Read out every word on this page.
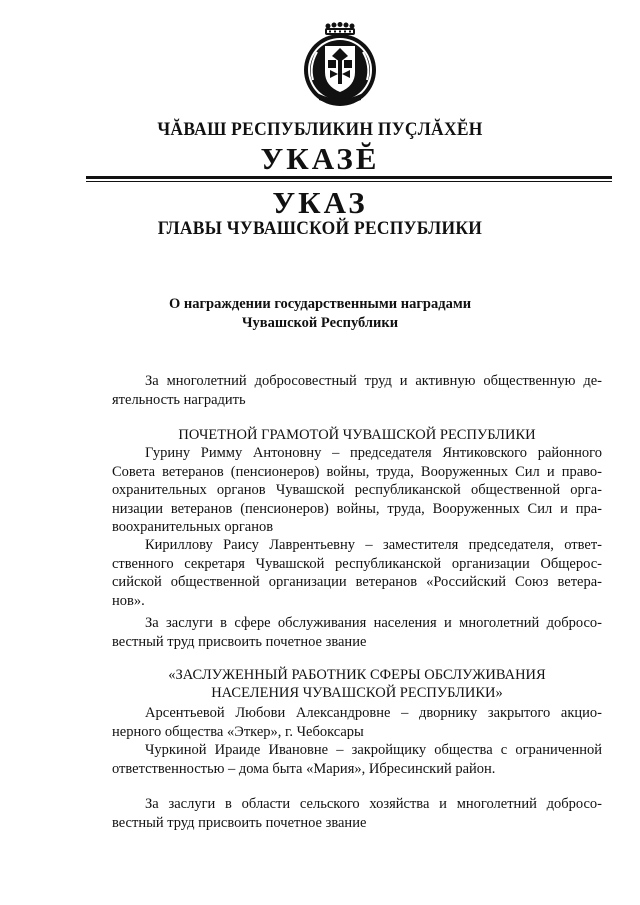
ЧĂВАШ РЕСПУБЛИКИН ПУÇЛĂХĔН
УКАЗĔ
УКАЗ
ГЛАВЫ ЧУВАШСКОЙ РЕСПУБЛИКИ
О награждении государственными наградами
Чувашской Республики
За многолетний добросовестный труд и активную общественную де-
ятельность наградить
ПОЧЕТНОЙ ГРАМОТОЙ ЧУВАШСКОЙ РЕСПУБЛИКИ
Гурину Римму Антоновну – председателя Янтиковского районного
Совета ветеранов (пенсионеров) войны, труда, Вооруженных Сил и право-
охранительных органов Чувашской республиканской общественной орга-
низации ветеранов (пенсионеров) войны, труда, Вооруженных Сил и пра-
воохранительных органов
Кириллову Раису Лаврентьевну – заместителя председателя, ответ-
ственного секретаря Чувашской республиканской организации Общерос-
сийской общественной организации ветеранов «Российский Союз ветера-
нов».
За заслуги в сфере обслуживания населения и многолетний добросо-
вестный труд присвоить почетное звание
«ЗАСЛУЖЕННЫЙ РАБОТНИК СФЕРЫ ОБСЛУЖИВАНИЯ
НАСЕЛЕНИЯ ЧУВАШСКОЙ РЕСПУБЛИКИ»
Арсентьевой Любови Александровне – дворнику закрытого акцио-
нерного общества «Эткер», г. Чебоксары
Чуркиной Ираиде Ивановне – закройщику общества с ограниченной
ответственностью – дома быта «Мария», Ибресинский район.
За заслуги в области сельского хозяйства и многолетний добросо-
вестный труд присвоить почетное звание
